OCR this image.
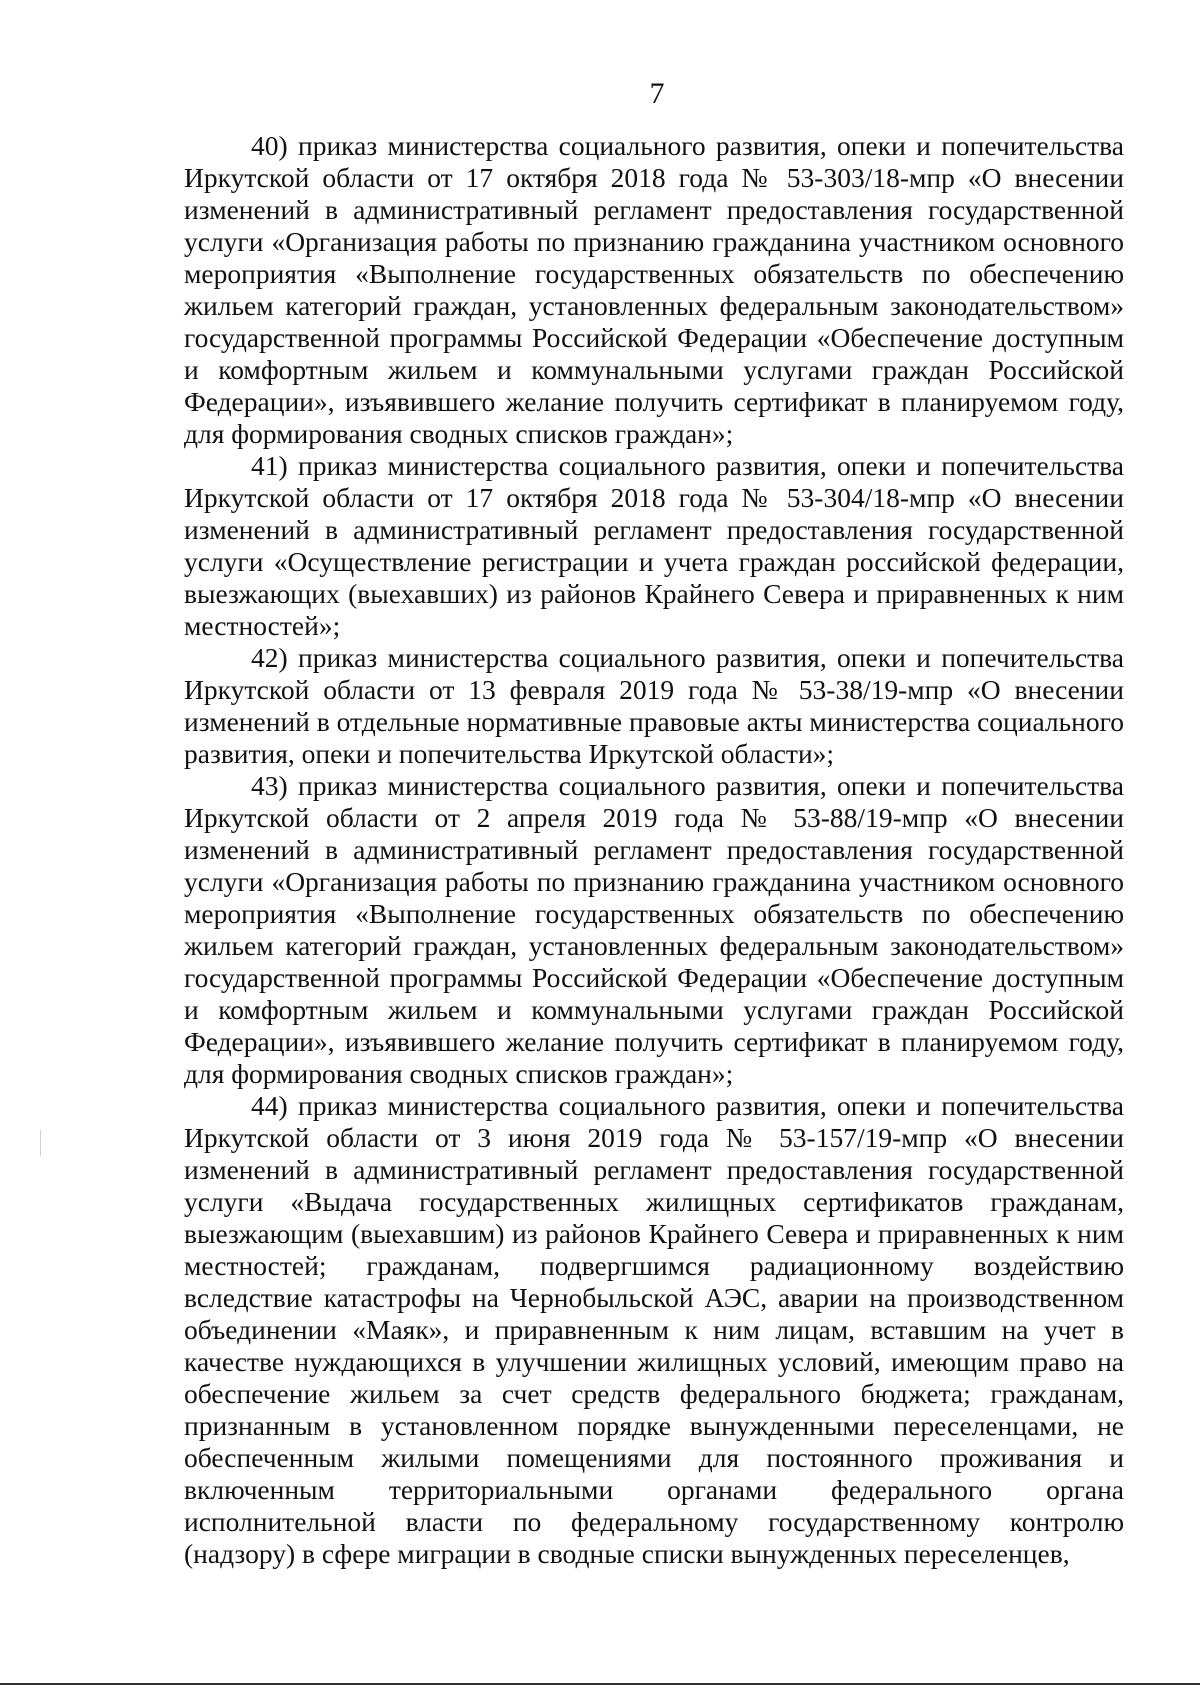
7

40) приказ министерства социального развития, опеки и попечительства Иркутской области от 17 октября 2018 года № 53-303/18-мпр «О внесении изменений в административный регламент предоставления государственной услуги «Организация работы по признанию гражданина участником основного мероприятия «Выполнение государственных обязательств по обеспечению жильем категорий граждан, установленных федеральным законодательством» государственной программы Российской Федерации «Обеспечение доступным и комфортным жильем и коммунальными услугами граждан Российской Федерации», изъявившего желание получить сертификат в планируемом году, для формирования сводных списков граждан»;

41) приказ министерства социального развития, опеки и попечительства Иркутской области от 17 октября 2018 года № 53-304/18-мпр «О внесении изменений в административный регламент предоставления государственной услуги «Осуществление регистрации и учета граждан российской федерации, выезжающих (выехавших) из районов Крайнего Севера и приравненных к ним местностей»;

42) приказ министерства социального развития, опеки и попечительства Иркутской области от 13 февраля 2019 года № 53-38/19-мпр «О внесении изменений в отдельные нормативные правовые акты министерства социального развития, опеки и попечительства Иркутской области»;

43) приказ министерства социального развития, опеки и попечительства Иркутской области от 2 апреля 2019 года № 53-88/19-мпр «О внесении изменений в административный регламент предоставления государственной услуги «Организация работы по признанию гражданина участником основного мероприятия «Выполнение государственных обязательств по обеспечению жильем категорий граждан, установленных федеральным законодательством» государственной программы Российской Федерации «Обеспечение доступным и комфортным жильем и коммунальными услугами граждан Российской Федерации», изъявившего желание получить сертификат в планируемом году, для формирования сводных списков граждан»;

44) приказ министерства социального развития, опеки и попечительства Иркутской области от 3 июня 2019 года № 53-157/19-мпр «О внесении изменений в административный регламент предоставления государственной услуги «Выдача государственных жилищных сертификатов гражданам, выезжающим (выехавшим) из районов Крайнего Севера и приравненных к ним местностей; гражданам, подвергшимся радиационному воздействию вследствие катастрофы на Чернобыльской АЭС, аварии на производственном объединении «Маяк», и приравненным к ним лицам, вставшим на учет в качестве нуждающихся в улучшении жилищных условий, имеющим право на обеспечение жильем за счет средств федерального бюджета; гражданам, признанным в установленном порядке вынужденными переселенцами, не обеспеченным жилыми помещениями для постоянного проживания и включенным территориальными органами федерального органа исполнительной власти по федеральному государственному контролю (надзору) в сфере миграции в сводные списки вынужденных переселенцев,
